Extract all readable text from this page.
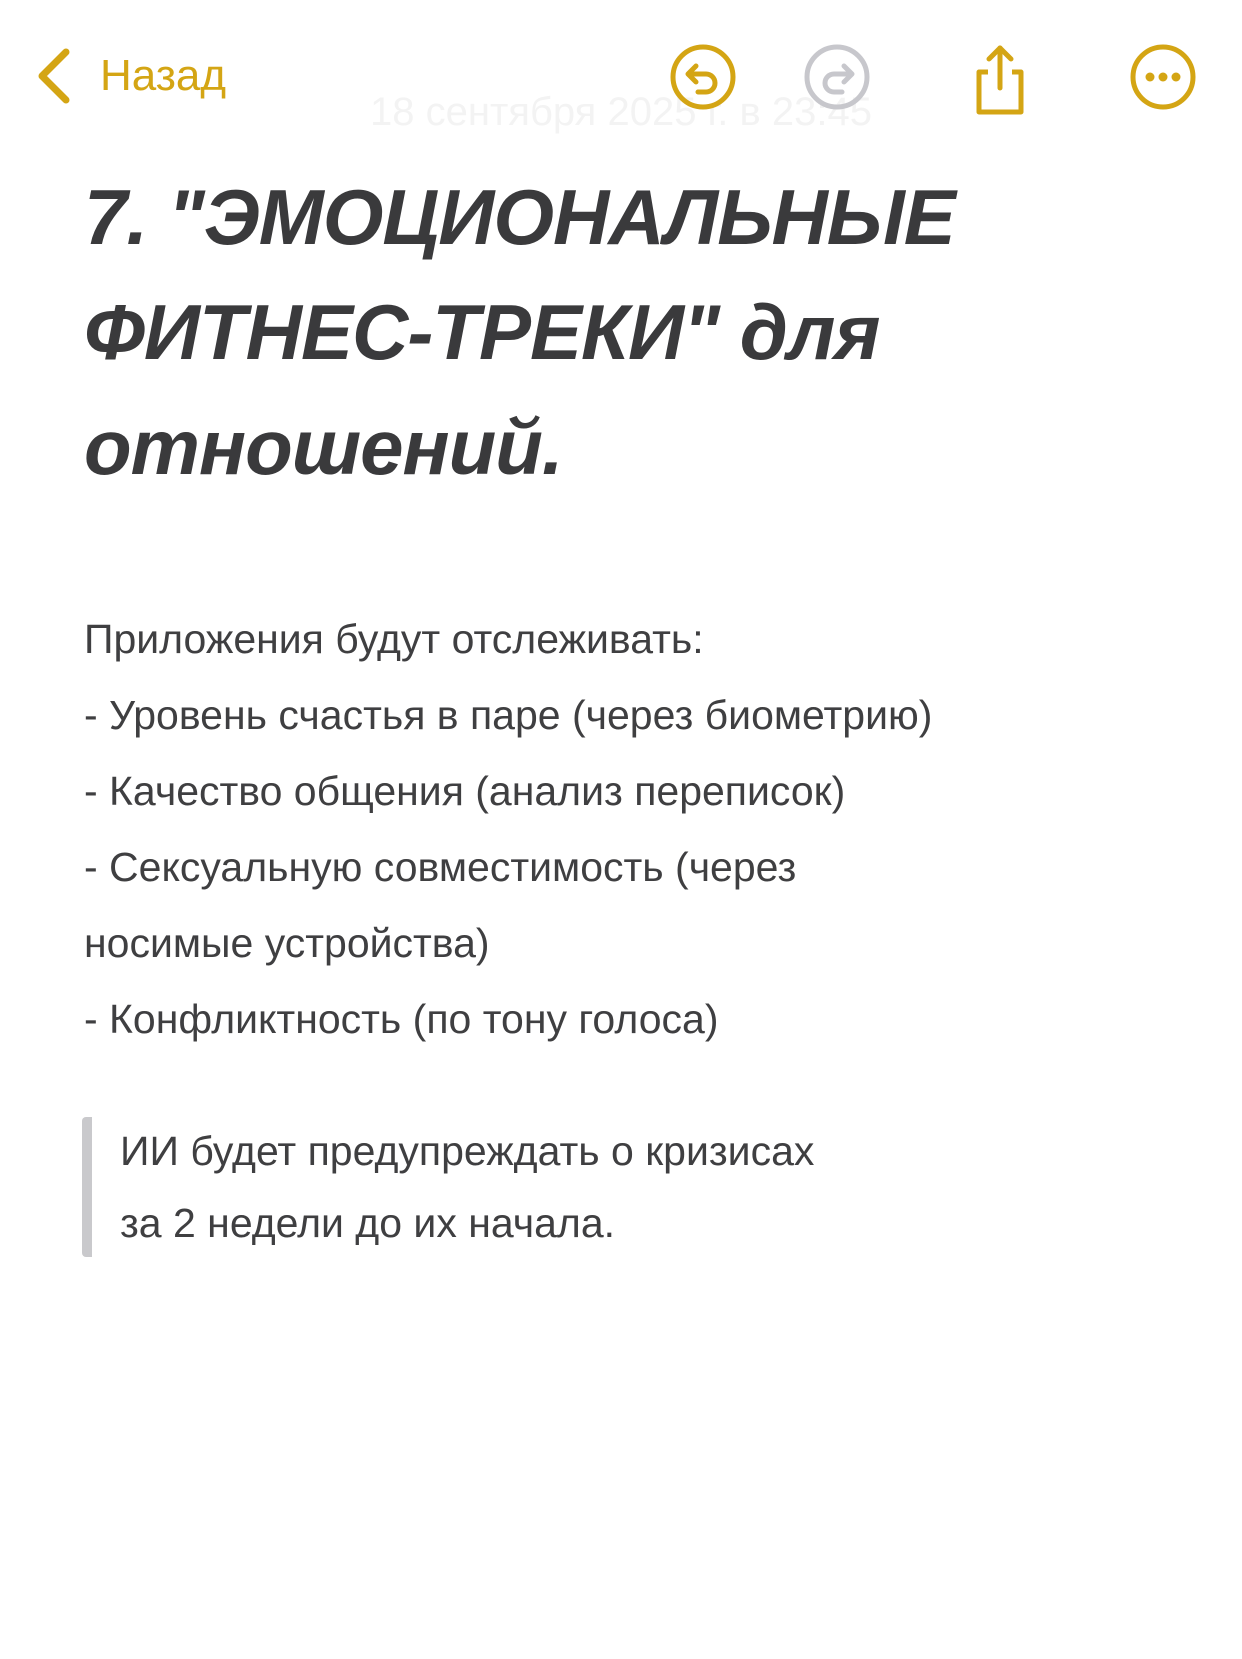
Назад
18 сентября 2025 г. в 23:45
7. "ЭМОЦИОНАЛЬНЫЕ
ФИТНЕС-ТРЕКИ" для
отношений.
Приложения будут отслеживать:
- Уровень счастья в паре (через биометрию)
- Качество общения (анализ переписок)
- Сексуальную совместимость (через
носимые устройства)
- Конфликтность (по тону голоса)
ИИ будет предупреждать о кризисах
за 2 недели до их начала.
